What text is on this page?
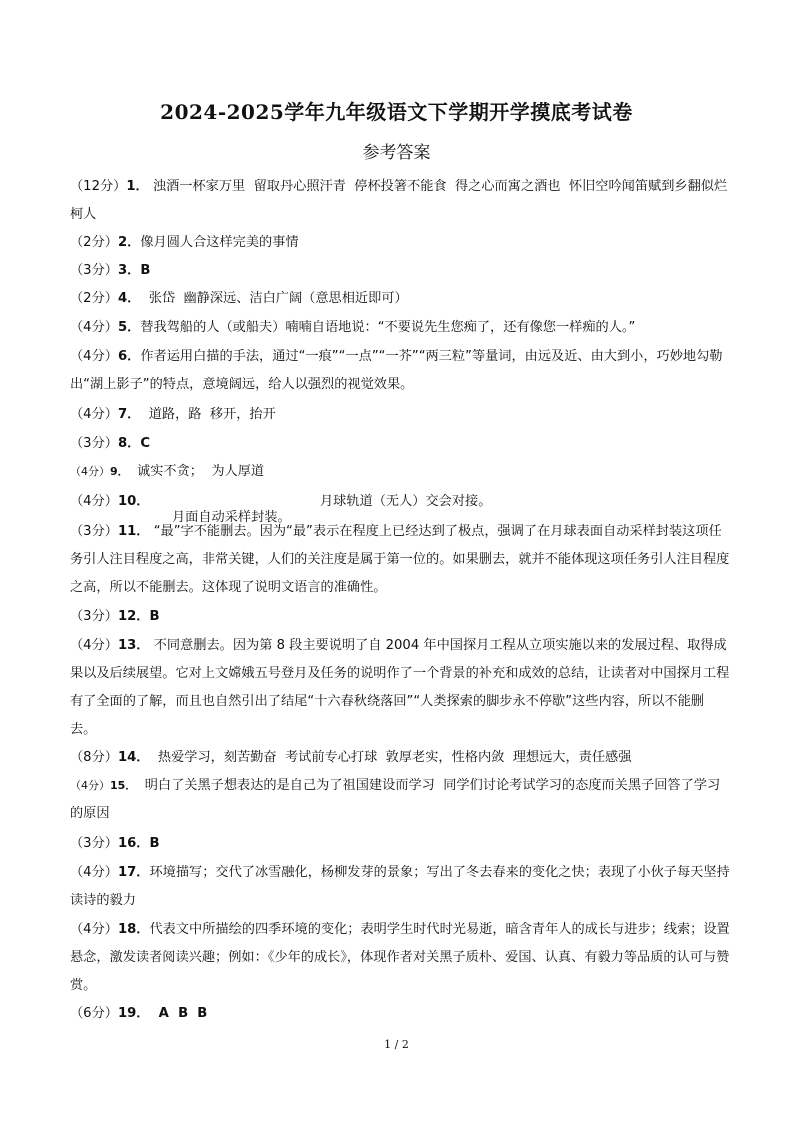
2024-2025学年九年级语文下学期开学摸底考试卷
参考答案
（12分）1． 浊酒一杯家万里  留取丹心照汗青  停杯投箸不能食  得之心而寓之酒也  怀旧空吟闻笛赋到乡翻似烂柯人
（2分）2．像月圆人合这样完美的事情
（3分）3．B
（2分）4．  张岱  幽静深远、洁白广阔（意思相近即可）
（4分）5．替我驾船的人（或船夫）喃喃自语地说：“不要说先生您痴了，还有像您一样痴的人。”
（4分）6．作者运用白描的手法，通过“一痕”“一点”“一芥”“两三粒”等量词，由远及近、由大到小，巧妙地勾勒出“湖上影子”的特点，意境阔远，给人以强烈的视觉效果。
（4分）7．  道路，路  移开，抬开
（3分）8．C
（4分）9．  诚实不贪；  为人厚道
（4分）10．	月球轨道（无人）交会对接。
月面自动采样封装。
（3分）11． “最”字不能删去。因为“最”表示在程度上已经达到了极点，强调了在月球表面自动采样封装这项任务引人注目程度之高，非常关键，人们的关注度是属于第一位的。如果删去，就并不能体现这项任务引人注目程度之高，所以不能删去。这体现了说明文语言的准确性。
（3分）12．B
（4分）13． 不同意删去。因为第 8 段主要说明了自 2004 年中国探月工程从立项实施以来的发展过程、取得成果以及后续展望。它对上文嫦娥五号登月及任务的说明作了一个背景的补充和成效的总结，让读者对中国探月工程有了全面的了解，而且也自然引出了结尾“十六春秋绕落回”“人类探索的脚步永不停歇”这些内容，所以不能删去。
（8分）14．  热爱学习，刻苦勤奋  考试前专心打球  敦厚老实，性格内敛  理想远大，责任感强
（4分）15．  明白了关黑子想表达的是自己为了祖国建设而学习  同学们讨论考试学习的态度而关黑子回答了学习的原因
（3分）16．B
（4分）17．环境描写；交代了冰雪融化，杨柳发芽的景象；写出了冬去春来的变化之快；表现了小伙子每天坚持读诗的毅力
（4分）18．代表文中所描绘的四季环境的变化；表明学生时代时光易逝，暗含青年人的成长与进步；线索；设置悬念，激发读者阅读兴趣；例如：《少年的成长》，体现作者对关黑子质朴、爱国、认真、有毅力等品质的认可与赞赏。
（6分）19．  A  B  B
1 / 2
